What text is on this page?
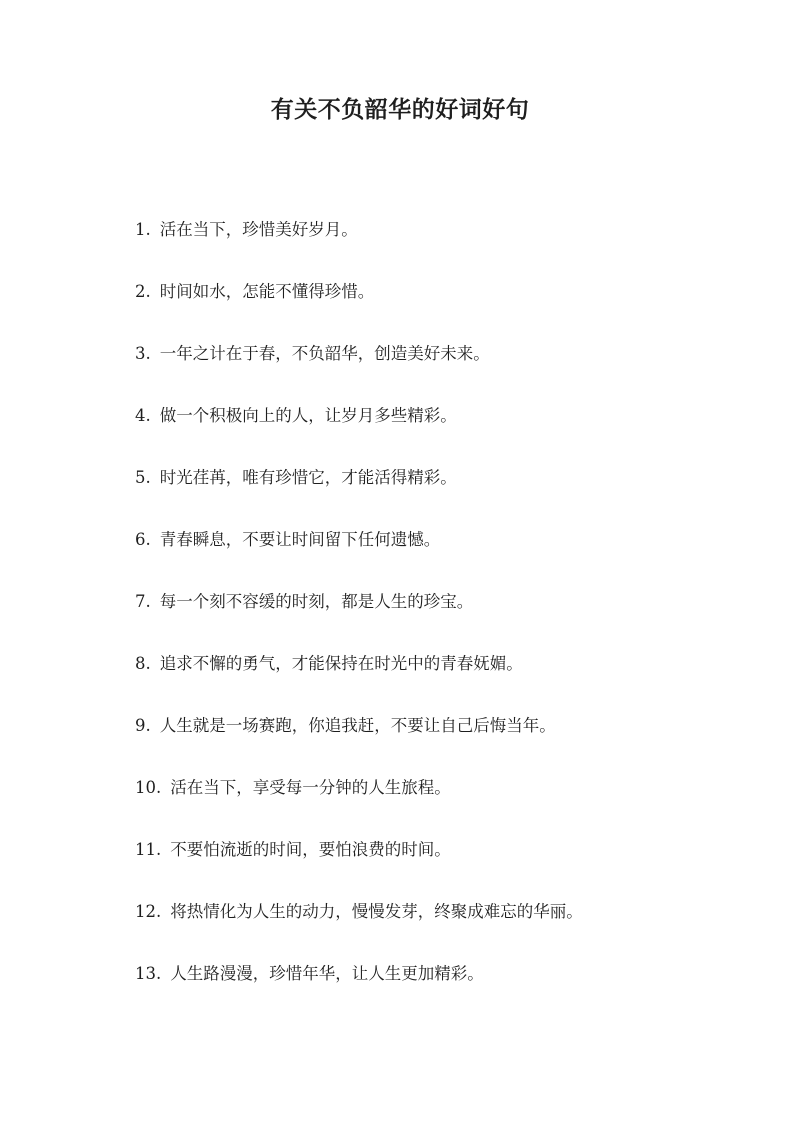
有关不负韶华的好词好句
1. 活在当下，珍惜美好岁月。
2. 时间如水，怎能不懂得珍惜。
3. 一年之计在于春，不负韶华，创造美好未来。
4. 做一个积极向上的人，让岁月多些精彩。
5. 时光荏苒，唯有珍惜它，才能活得精彩。
6. 青春瞬息，不要让时间留下任何遗憾。
7. 每一个刻不容缓的时刻，都是人生的珍宝。
8. 追求不懈的勇气，才能保持在时光中的青春妩媚。
9. 人生就是一场赛跑，你追我赶，不要让自己后悔当年。
10. 活在当下，享受每一分钟的人生旅程。
11. 不要怕流逝的时间，要怕浪费的时间。
12. 将热情化为人生的动力，慢慢发芽，终聚成难忘的华丽。
13. 人生路漫漫，珍惜年华，让人生更加精彩。
